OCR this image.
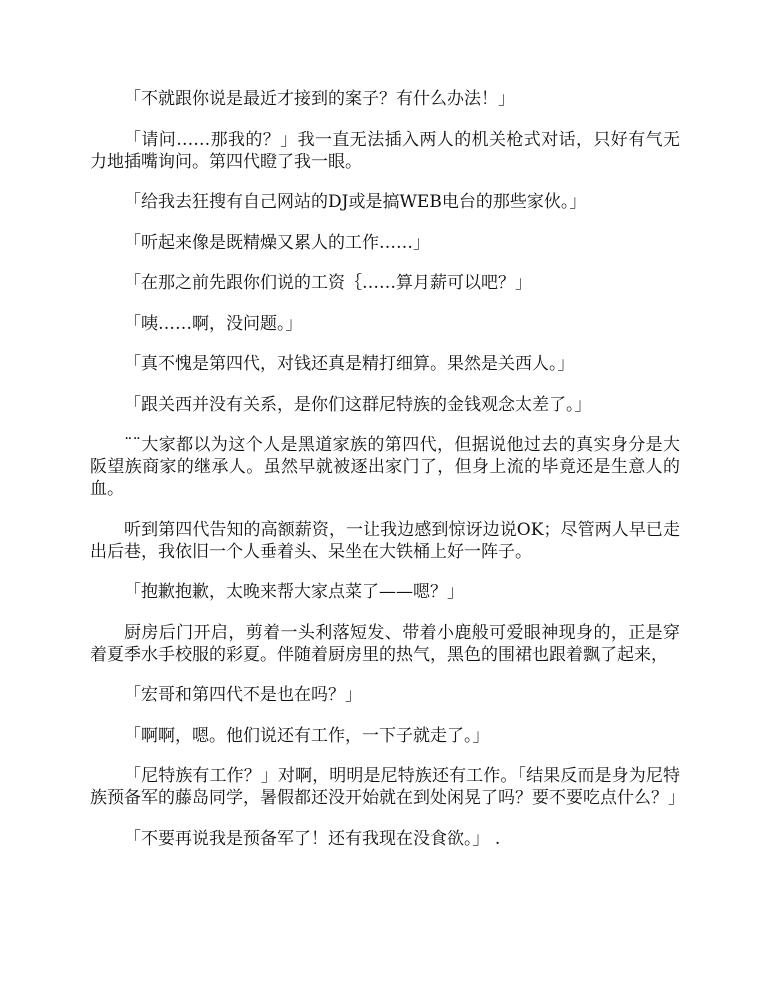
「不就跟你说是最近才接到的案子？有什么办法！」

「请问……那我的？」我一直无法插入两人的机关枪式对话，只好有气无力地插嘴询问。第四代瞪了我一眼。

「给我去狂搜有自己网站的DJ或是搞WEB电台的那些家伙。」

「听起来像是既精燥又累人的工作……」

「在那之前先跟你们说的工资｛……算月薪可以吧？」

「咦……啊，没问题。」

「真不愧是第四代，对钱还真是精打细算。果然是关西人。」

「跟关西并没有关系，是你们这群尼特族的金钱观念太差了。」

¨¨大家都以为这个人是黑道家族的第四代，但据说他过去的真实身分是大阪望族商家的继承人。虽然早就被逐出家门了，但身上流的毕竟还是生意人的血。

听到第四代告知的高额薪资，一让我边感到惊讶边说OK；尽管两人早已走出后巷，我依旧一个人垂着头、呆坐在大铁桶上好一阵子。

「抱歉抱歉，太晚来帮大家点菜了——嗯？」

厨房后门开启，剪着一头利落短发、带着小鹿般可爱眼神现身的，正是穿着夏季水手校服的彩夏。伴随着厨房里的热气，黑色的围裙也跟着飘了起来，

「宏哥和第四代不是也在吗？」

「啊啊，嗯。他们说还有工作，一下子就走了。」

「尼特族有工作？」对啊，明明是尼特族还有工作。「结果反而是身为尼特族预备军的藤岛同学，暑假都还没开始就在到处闲晃了吗？要不要吃点什么？」

「不要再说我是预备军了！还有我现在没食欲。」 .
